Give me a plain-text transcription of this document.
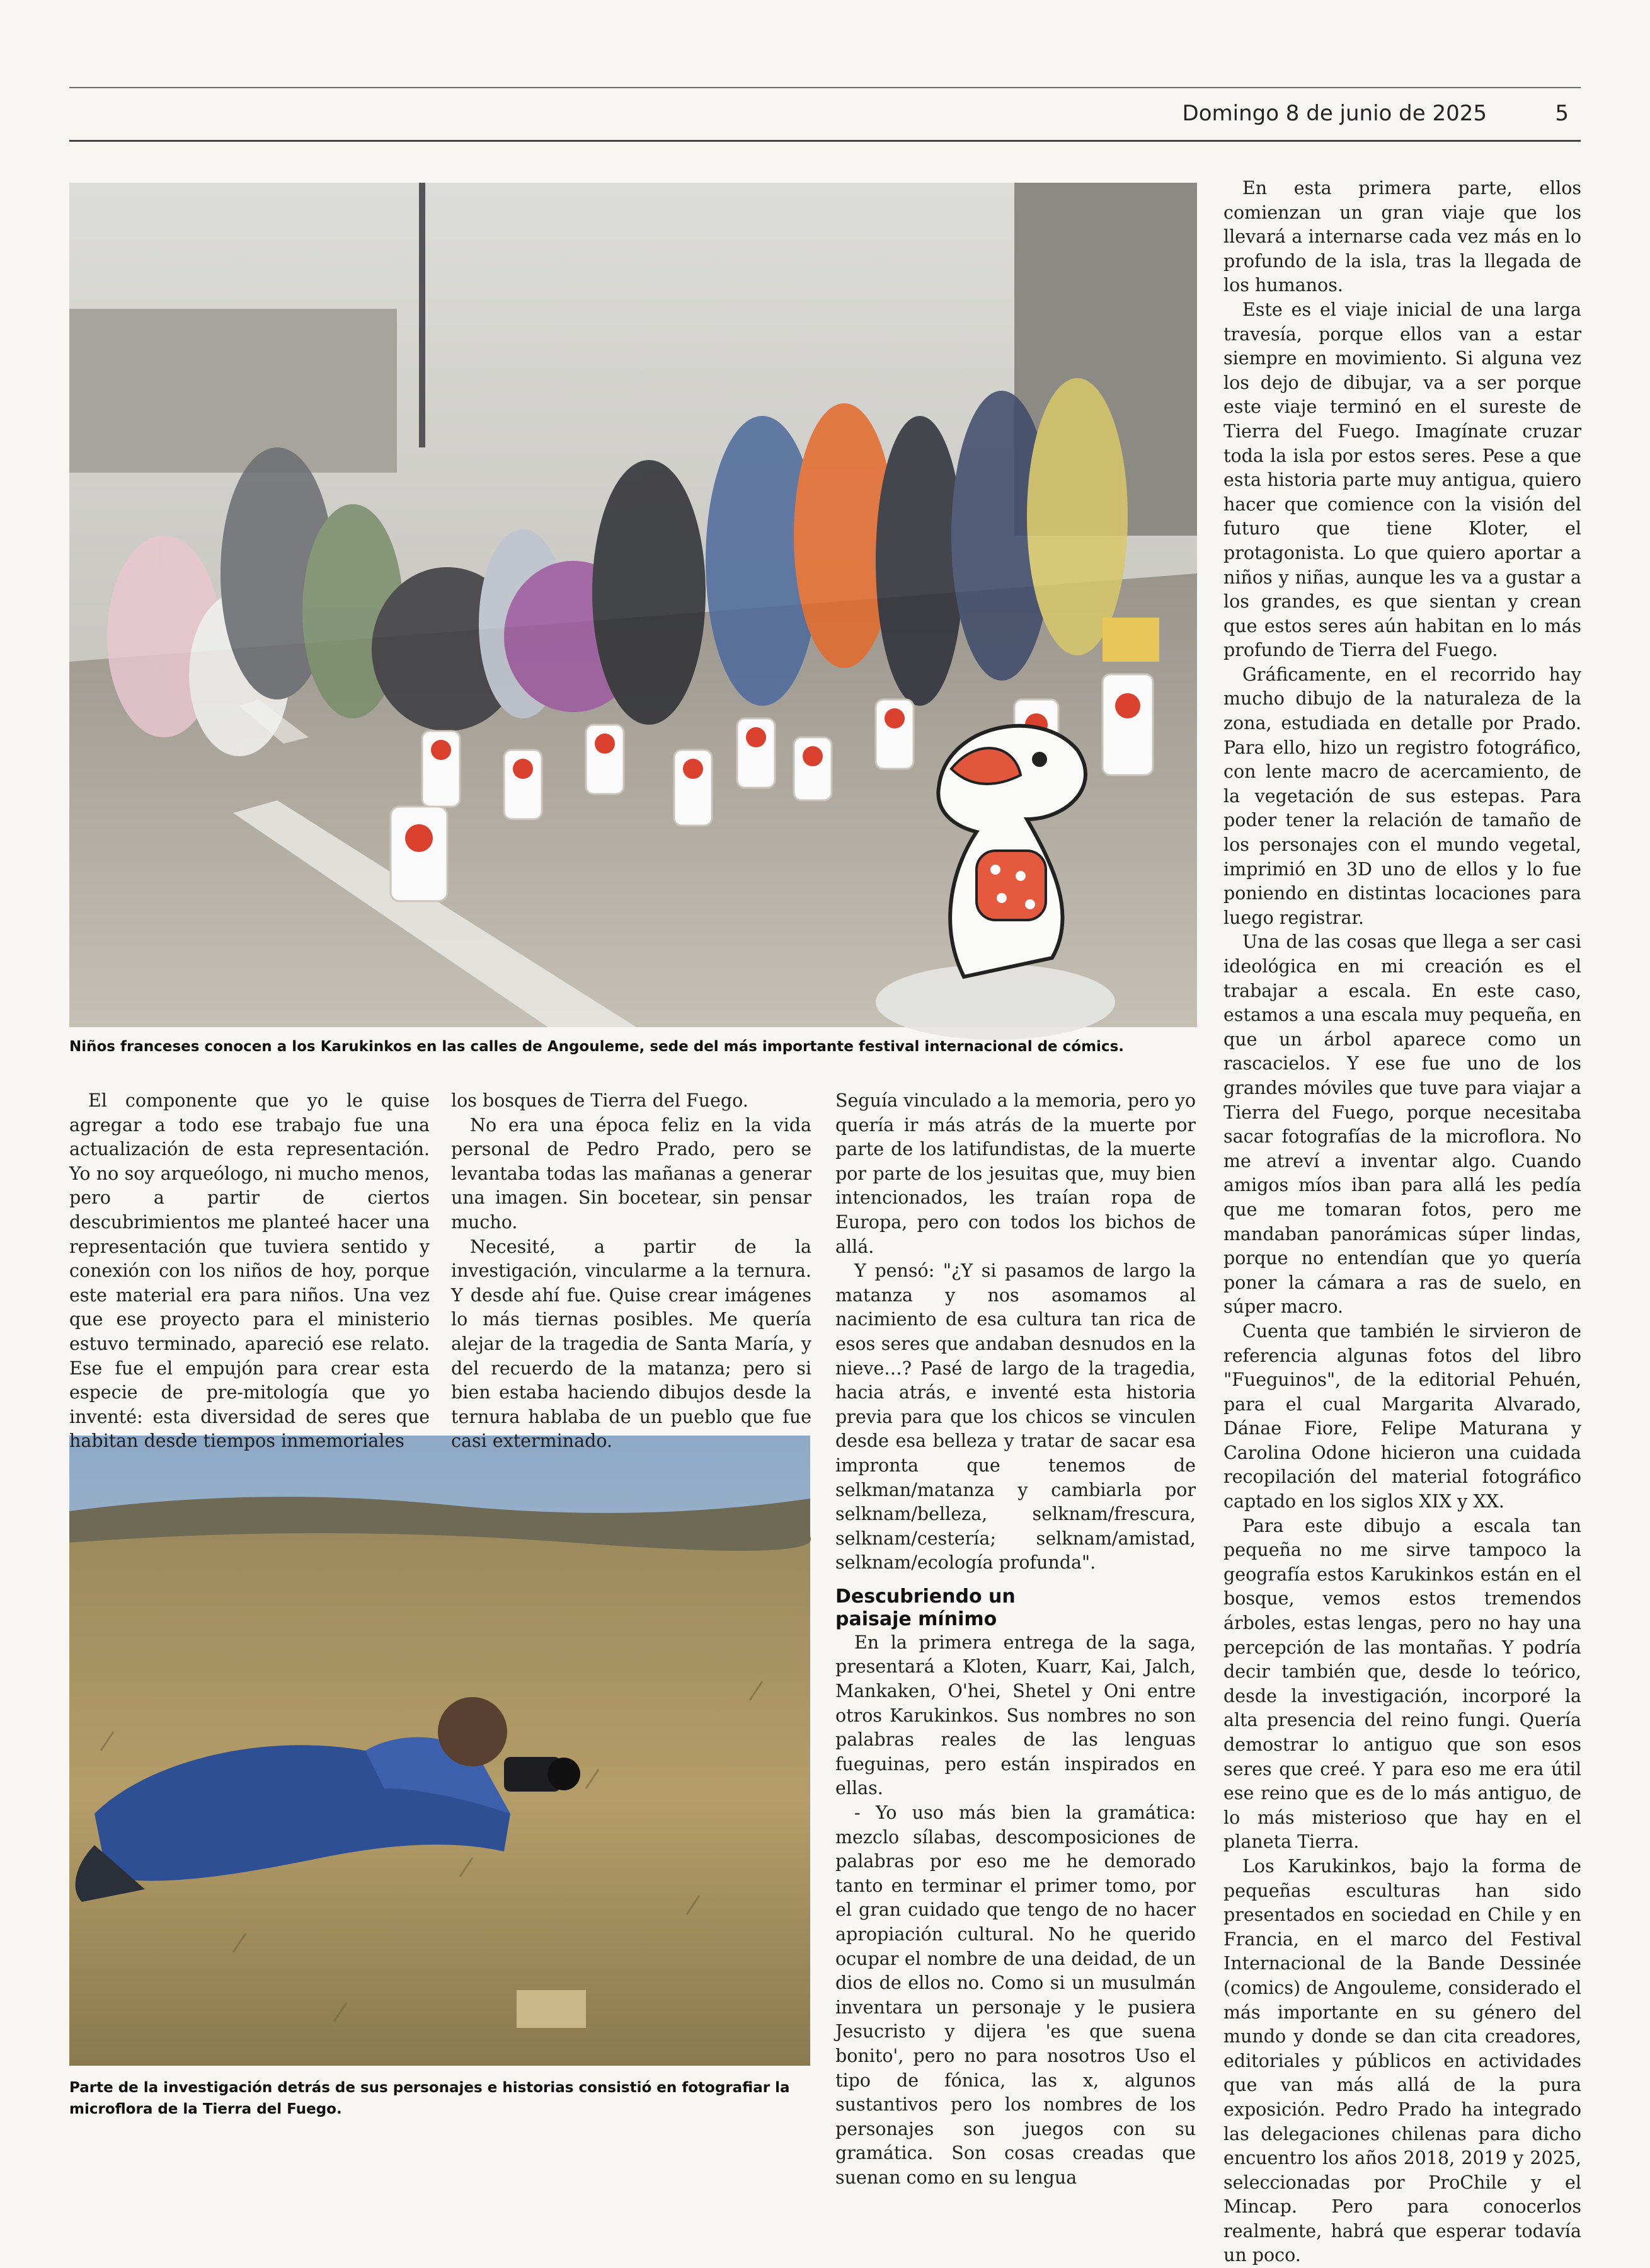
Domingo 8 de junio de 2025	5
Niños franceses conocen a los Karukinkos en las calles de Angouleme, sede del más importante festival internacional de cómics.
Parte de la investigación detrás de sus personajes e historias consistió en fotografiar la microflora de la Tierra del Fuego.

El componente que yo le quise agregar a todo ese trabajo fue una actualización de esta representación. Yo no soy arqueólogo, ni mucho menos, pero a partir de ciertos descubrimientos me planteé hacer una representación que tuviera sentido y conexión con los niños de hoy, porque este material era para niños. Una vez que ese proyecto para el ministerio estuvo terminado, apareció ese relato. Ese fue el empujón para crear esta especie de pre-mitología que yo inventé: esta diversidad de seres que habitan desde tiempos inmemoriales

los bosques de Tierra del Fuego.

No era una época feliz en la vida personal de Pedro Prado, pero se levantaba todas las mañanas a generar una imagen. Sin bocetear, sin pensar mucho.

Necesité, a partir de la investigación, vincularme a la ternura. Y desde ahí fue. Quise crear imágenes lo más tiernas posibles. Me quería alejar de la tragedia de Santa María, y del recuerdo de la matanza; pero si bien estaba haciendo dibujos desde la ternura hablaba de un pueblo que fue casi exterminado.

Seguía vinculado a la memoria, pero yo quería ir más atrás de la muerte por parte de los latifundistas, de la muerte por parte de los jesuitas que, muy bien intencionados, les traían ropa de Europa, pero con todos los bichos de allá.

Y pensó: "¿Y si pasamos de largo la matanza y nos asomamos al nacimiento de esa cultura tan rica de esos seres que andaban desnudos en la nieve…? Pasé de largo de la tragedia, hacia atrás, e inventé esta historia previa para que los chicos se vinculen desde esa belleza y tratar de sacar esa impronta que tenemos de selkman/matanza y cambiarla por selknam/belleza, selknam/frescura, selknam/cestería; selknam/amistad, selknam/ecología profunda".

Descubriendo un
paisaje mínimo

En la primera entrega de la saga, presentará a Kloten, Kuarr, Kai, Jalch, Mankaken, O'hei, Shetel y Oni entre otros Karukinkos. Sus nombres no son palabras reales de las lenguas fueguinas, pero están inspirados en ellas.

- Yo uso más bien la gramática: mezclo sílabas, descomposiciones de palabras por eso me he demorado tanto en terminar el primer tomo, por el gran cuidado que tengo de no hacer apropiación cultural. No he querido ocupar el nombre de una deidad, de un dios de ellos no. Como si un musulmán inventara un personaje y le pusiera Jesucristo y dijera 'es que suena bonito', pero no para nosotros Uso el tipo de fónica, las x, algunos sustantivos pero los nombres de los personajes son juegos con su gramática. Son cosas creadas que suenan como en su lengua

En esta primera parte, ellos comienzan un gran viaje que los llevará a internarse cada vez más en lo profundo de la isla, tras la llegada de los humanos.

Este es el viaje inicial de una larga travesía, porque ellos van a estar siempre en movimiento. Si alguna vez los dejo de dibujar, va a ser porque este viaje terminó en el sureste de Tierra del Fuego. Imagínate cruzar toda la isla por estos seres. Pese a que esta historia parte muy antigua, quiero hacer que comience con la visión del futuro que tiene Kloter, el protagonista. Lo que quiero aportar a niños y niñas, aunque les va a gustar a los grandes, es que sientan y crean que estos seres aún habitan en lo más profundo de Tierra del Fuego.

Gráficamente, en el recorrido hay mucho dibujo de la naturaleza de la zona, estudiada en detalle por Prado. Para ello, hizo un registro fotográfico, con lente macro de acercamiento, de la vegetación de sus estepas. Para poder tener la relación de tamaño de los personajes con el mundo vegetal, imprimió en 3D uno de ellos y lo fue poniendo en distintas locaciones para luego registrar.

Una de las cosas que llega a ser casi ideológica en mi creación es el trabajar a escala. En este caso, estamos a una escala muy pequeña, en que un árbol aparece como un rascacielos. Y ese fue uno de los grandes móviles que tuve para viajar a Tierra del Fuego, porque necesitaba sacar fotografías de la microflora. No me atreví a inventar algo. Cuando amigos míos iban para allá les pedía que me tomaran fotos, pero me mandaban panorámicas súper lindas, porque no entendían que yo quería poner la cámara a ras de suelo, en súper macro.

Cuenta que también le sirvieron de referencia algunas fotos del libro "Fueguinos", de la editorial Pehuén, para el cual Margarita Alvarado, Dánae Fiore, Felipe Maturana y Carolina Odone hicieron una cuidada recopilación del material fotográfico captado en los siglos XIX y XX.

Para este dibujo a escala tan pequeña no me sirve tampoco la geografía estos Karukinkos están en el bosque, vemos estos tremendos árboles, estas lengas, pero no hay una percepción de las montañas. Y podría decir también que, desde lo teórico, desde la investigación, incorporé la alta presencia del reino fungi. Quería demostrar lo antiguo que son esos seres que creé. Y para eso me era útil ese reino que es de lo más antiguo, de lo más misterioso que hay en el planeta Tierra.

Los Karukinkos, bajo la forma de pequeñas esculturas han sido presentados en sociedad en Chile y en Francia, en el marco del Festival Internacional de la Bande Dessinée (comics) de Angouleme, considerado el más importante en su género del mundo y donde se dan cita creadores, editoriales y públicos en actividades que van más allá de la pura exposición. Pedro Prado ha integrado las delegaciones chilenas para dicho encuentro los años 2018, 2019 y 2025, seleccionadas por ProChile y el Mincap. Pero para conocerlos realmente, habrá que esperar todavía un poco.
